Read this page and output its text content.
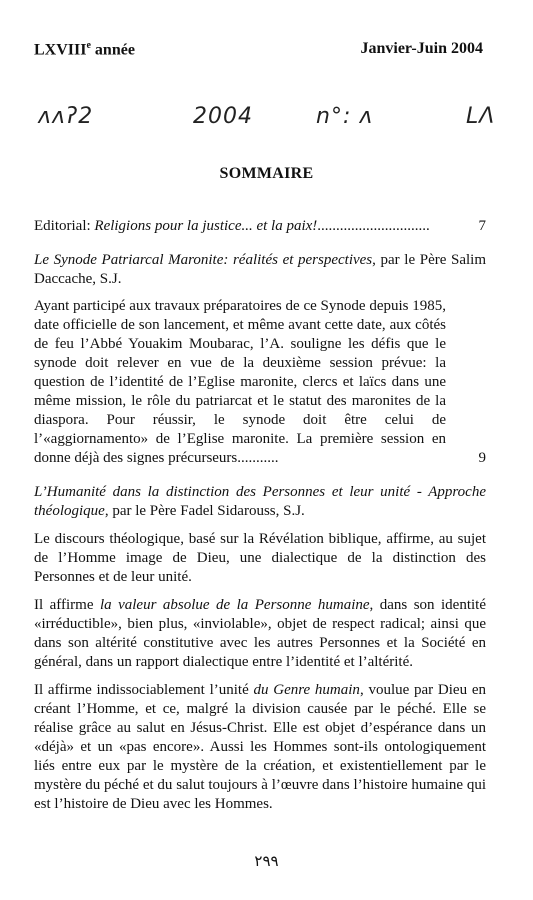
LXVIIIe année	Janvier-Juin 2004
ʌʌʔ2	2004	n°: ʌ	LΛ
SOMMAIRE
Editorial: Religions pour la justice... et la paix!..............................	7

Le Synode Patriarcal Maronite: réalités et perspectives, par le Père Salim Daccache, S.J.

Ayant participé aux travaux préparatoires de ce Synode depuis 1985, date officielle de son lancement, et même avant cette date, aux côtés de feu l’Abbé Youakim Moubarac, l’A. souligne les défis que le synode doit relever en vue de la deuxième session prévue: la question de l’identité de l’Eglise maronite, clercs et laïcs dans une même mission, le rôle du patriarcat et le statut des maronites de la diaspora. Pour réussir, le synode doit être celui de l’«aggiornamento» de l’Eglise maronite. La première session en donne déjà des signes précurseurs...........	9

L’Humanité dans la distinction des Personnes et leur unité - Approche théologique, par le Père Fadel Sidarouss, S.J.

Le discours théologique, basé sur la Révélation biblique, affirme, au sujet de l’Homme image de Dieu, une dialectique de la distinction des Personnes et de leur unité.

Il affirme la valeur absolue de la Personne humaine, dans son identité «irréductible», bien plus, «inviolable», objet de respect radical; ainsi que dans son altérité constitutive avec les autres Personnes et la Société en général, dans un rapport dialectique entre l’identité et l’altérité.

Il affirme indissociablement l’unité du Genre humain, voulue par Dieu en créant l’Homme, et ce, malgré la division causée par le péché. Elle se réalise grâce au salut en Jésus-Christ. Elle est objet d’espérance dans un «déjà» et un «pas encore». Aussi les Hommes sont-ils ontologiquement liés entre eux par le mystère de la création, et existentiellement par le mystère du péché et du salut toujours à l’œuvre dans l’histoire humaine qui est l’histoire de Dieu avec les Hommes.

٢٩٩
